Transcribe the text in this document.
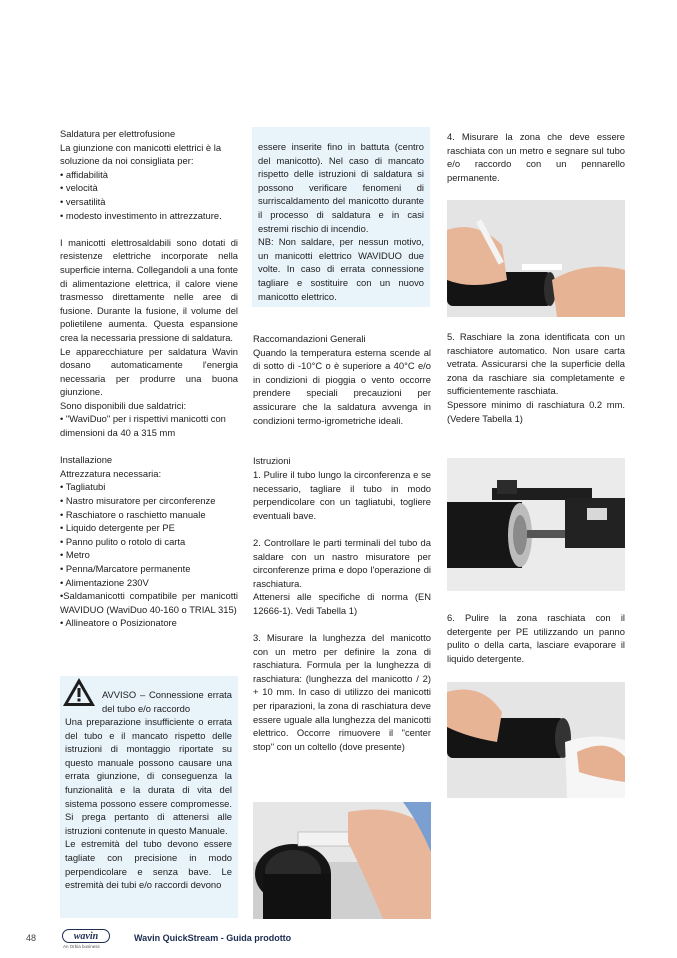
Saldatura per elettrofusione

La giunzione con manicotti elettrici è la

soluzione da noi consigliata per:

• affidabilità

• velocità

• versatilità

• modesto investimento in attrezzature.

I manicotti elettrosaldabili sono dotati di resistenze elettriche incorporate nella superficie interna. Collegandoli a una fonte di alimentazione elettrica, il calore viene trasmesso direttamente nelle aree di fusione. Durante la fusione, il volume del polietilene aumenta. Questa espansione crea la necessaria pressione di saldatura.

Le apparecchiature per saldatura Wavin dosano automaticamente l'energia necessaria per produrre una buona giunzione.

Sono disponibili due saldatrici:

• "WaviDuo" per i rispettivi manicotti con dimensioni da 40 a 315 mm

Installazione

Attrezzatura necessaria:

• Tagliatubi

• Nastro misuratore per circonferenze

• Raschiatore o raschietto manuale

• Liquido detergente per PE

• Panno pulito o rotolo di carta

• Metro

• Penna/Marcatore permanente

• Alimentazione 230V

•Saldamanicotti compatibile per manicotti WAVIDUO (WaviDuo 40-160 o TRIAL 315)

• Allineatore o Posizionatore

AVVISO – Connessione errata del tubo e/o raccordo

Una preparazione insufficiente o errata del tubo e il mancato rispetto delle istruzioni di montaggio riportate su questo manuale possono causare una errata giunzione, di conseguenza la funzionalità e la durata di vita del sistema possono essere compromesse. Si prega pertanto di attenersi alle istruzioni contenute in questo Manuale.

Le estremità del tubo devono essere tagliate con precisione in modo perpendicolare e senza bave. Le estremità dei tubi e/o raccordi devono

essere inserite fino in battuta (centro del manicotto). Nel caso di mancato rispetto delle istruzioni di saldatura si possono verificare fenomeni di surriscaldamento del manicotto durante il processo di saldatura e in casi estremi rischio di incendio.

NB: Non saldare, per nessun motivo, un manicotti elettrico WAVIDUO due volte. In caso di errata connessione tagliare e sostituire con un nuovo manicotto elettrico.

Raccomandazioni Generali

Quando la temperatura esterna scende al di sotto di -10°C o è superiore a 40°C e/o in condizioni di pioggia o vento occorre prendere speciali precauzioni per assicurare che la saldatura avvenga in condizioni termo-igrometriche ideali.

Istruzioni

1. Pulire il tubo lungo la circonferenza e se necessario, tagliare il tubo in modo perpendicolare con un tagliatubi, togliere eventuali bave.

2. Controllare le parti terminali del tubo da saldare con un nastro misuratore per circonferenze prima e dopo l'operazione di raschiatura.

Attenersi alle specifiche di norma (EN 12666-1). Vedi Tabella 1)

3. Misurare la lunghezza del manicotto con un metro per definire la zona di raschiatura. Formula per la lunghezza di raschiatura: (lunghezza del manicotto / 2) + 10 mm. In caso di utilizzo dei manicotti per riparazioni, la zona di raschiatura deve essere uguale alla lunghezza del manicotti elettrico. Occorre rimuovere il "center stop" con un coltello (dove presente)

4. Misurare la zona che deve essere raschiata con un metro e segnare sul tubo e/o raccordo con un pennarello permanente.

5. Raschiare la zona identificata con un raschiatore automatico. Non usare carta vetrata. Assicurarsi che la superficie della zona da raschiare sia completamente e sufficientemente raschiata.

Spessore minimo di raschiatura 0.2 mm. (Vedere Tabella 1)

6. Pulire la zona raschiata con il detergente per PE utilizzando un panno pulito o della carta, lasciare evaporare il liquido detergente.

48	wavin
An Orbia business
Wavin QuickStream - Guida prodotto
